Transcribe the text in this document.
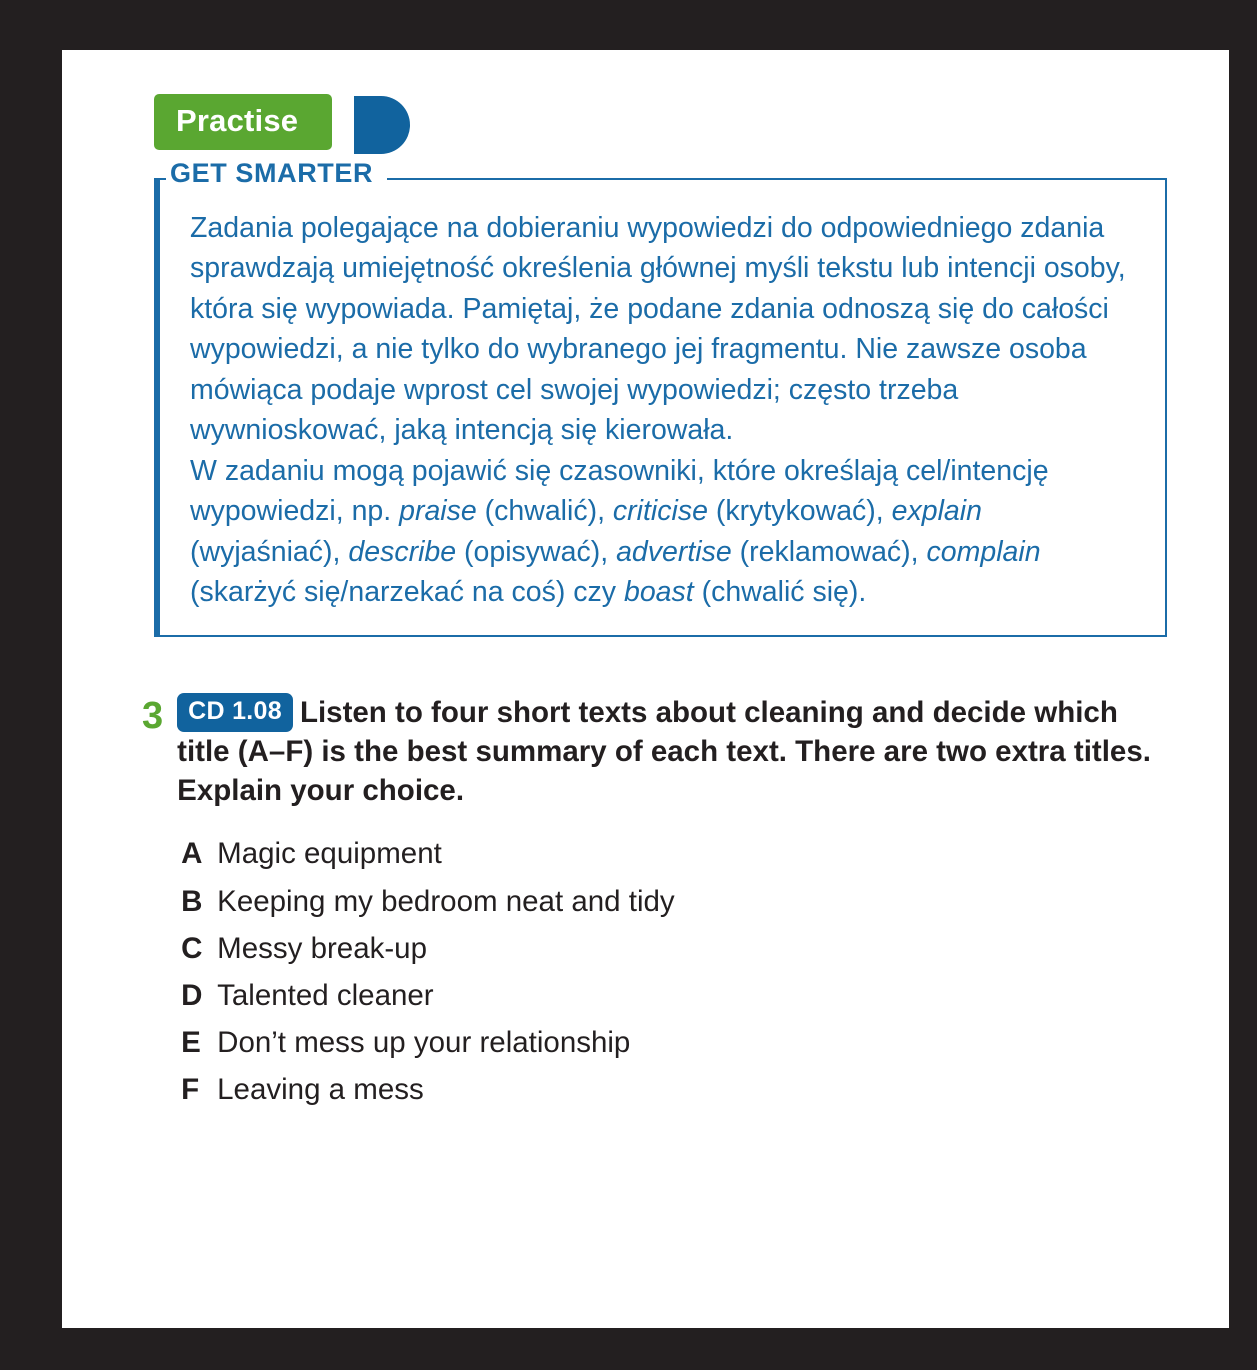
Practise
GET SMARTER

Zadania polegające na dobieraniu wypowiedzi do odpowiedniego zdania sprawdzają umiejętność określenia głównej myśli tekstu lub intencji osoby, która się wypowiada. Pamiętaj, że podane zdania odnoszą się do całości wypowiedzi, a nie tylko do wybranego jej fragmentu. Nie zawsze osoba mówiąca podaje wprost cel swojej wypowiedzi; często trzeba wywnioskować, jaką intencją się kierowała.

W zadaniu mogą pojawić się czasowniki, które określają cel/intencję wypowiedzi, np. praise (chwalić), criticise (krytykować), explain (wyjaśniać), describe (opisywać), advertise (reklamować), complain (skarżyć się/narzekać na coś) czy boast (chwalić się).

3	CD 1.08 Listen to four short texts about cleaning and decide which title (A–F) is the best summary of each text. There are two extra titles. Explain your choice.
A Magic equipment
B Keeping my bedroom neat and tidy
C Messy break-up
D Talented cleaner
E Don’t mess up your relationship
F Leaving a mess
